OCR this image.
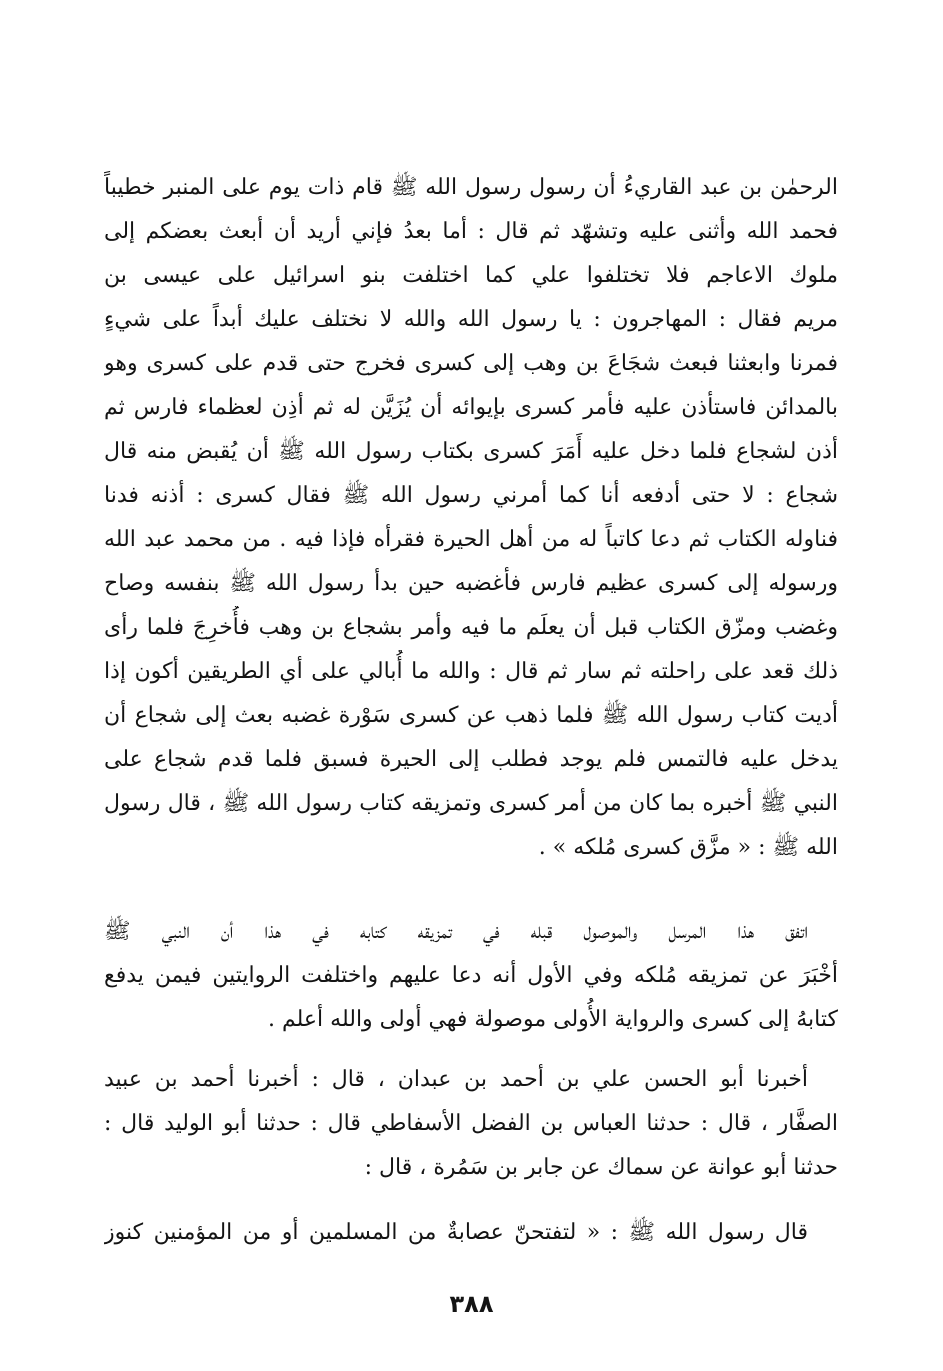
الرحمٰن بن عبد القاريءُ أن رسول رسول الله ﷺ قام ذات يوم على المنبر خطيباً
فحمد الله وأثنى عليه وتشهّد ثم قال : أما بعدُ فإني أريد أن أبعث بعضكم إلى
ملوك الاعاجم فلا تختلفوا علي كما اختلفت بنو اسرائيل على عيسى بن
مريم فقال : المهاجرون : يا رسول الله والله لا نختلف عليك أبداً على شيءٍ
فمرنا وابعثنا فبعث شجَاعَ بن وهب إلى كسرى فخرج حتى قدم على كسرى وهو
بالمدائن فاستأذن عليه فأمر كسرى بإيوائه أن يُزَيَّن له ثم أذِن لعظماء فارس ثم
أذن لشجاع فلما دخل عليه أَمَرَ كسرى بكتاب رسول الله ﷺ أن يُقبض منه قال
شجاع : لا حتى أدفعه أنا كما أمرني رسول الله ﷺ فقال كسرى : أذنه فدنا
فناوله الكتاب ثم دعا كاتباً له من أهل الحيرة فقرأه فإذا فيه . من محمد عبد الله
ورسوله إلى كسرى عظيم فارس فأغضبه حين بدأ رسول الله ﷺ بنفسه وصاح
وغضب ومزّق الكتاب قبل أن يعلَم ما فيه وأمر بشجاع بن وهب فأُخرِجَ فلما رأى
ذلك قعد على راحلته ثم سار ثم قال : والله ما أُبالي على أي الطريقين أكون إذا
أديت كتاب رسول الله ﷺ فلما ذهب عن كسرى سَوْرة غضبه بعث إلى شجاع أن
يدخل عليه فالتمس فلم يوجد فطلب إلى الحيرة فسبق فلما قدم شجاع على
النبي ﷺ أخبره بما كان من أمر كسرى وتمزيقه كتاب رسول الله ﷺ ، قال رسول
الله ﷺ : « مزَّق كسرى مُلكه » .
اتفق هذا المرسل والموصول قبله في تمزيقه كتابه في هذا أن النبي ﷺ
أخْبَرَ عن تمزيقه مُلكه وفي الأول أنه دعا عليهم واختلفت الروايتين فيمن يدفع
كتابهُ إلى كسرى والرواية الأُولى موصولة فهي أولى والله أعلم .
أخبرنا أبو الحسن علي بن أحمد بن عبدان ، قال : أخبرنا أحمد بن عبيد
الصفَّار ، قال : حدثنا العباس بن الفضل الأسفاطي قال : حدثنا أبو الوليد قال :
حدثنا أبو عوانة عن سماك عن جابر بن سَمُرة ، قال :
قال رسول الله ﷺ : « لتفتحنّ عصابةٌ من المسلمين أو من المؤمنين كنوز
٣٨٨
